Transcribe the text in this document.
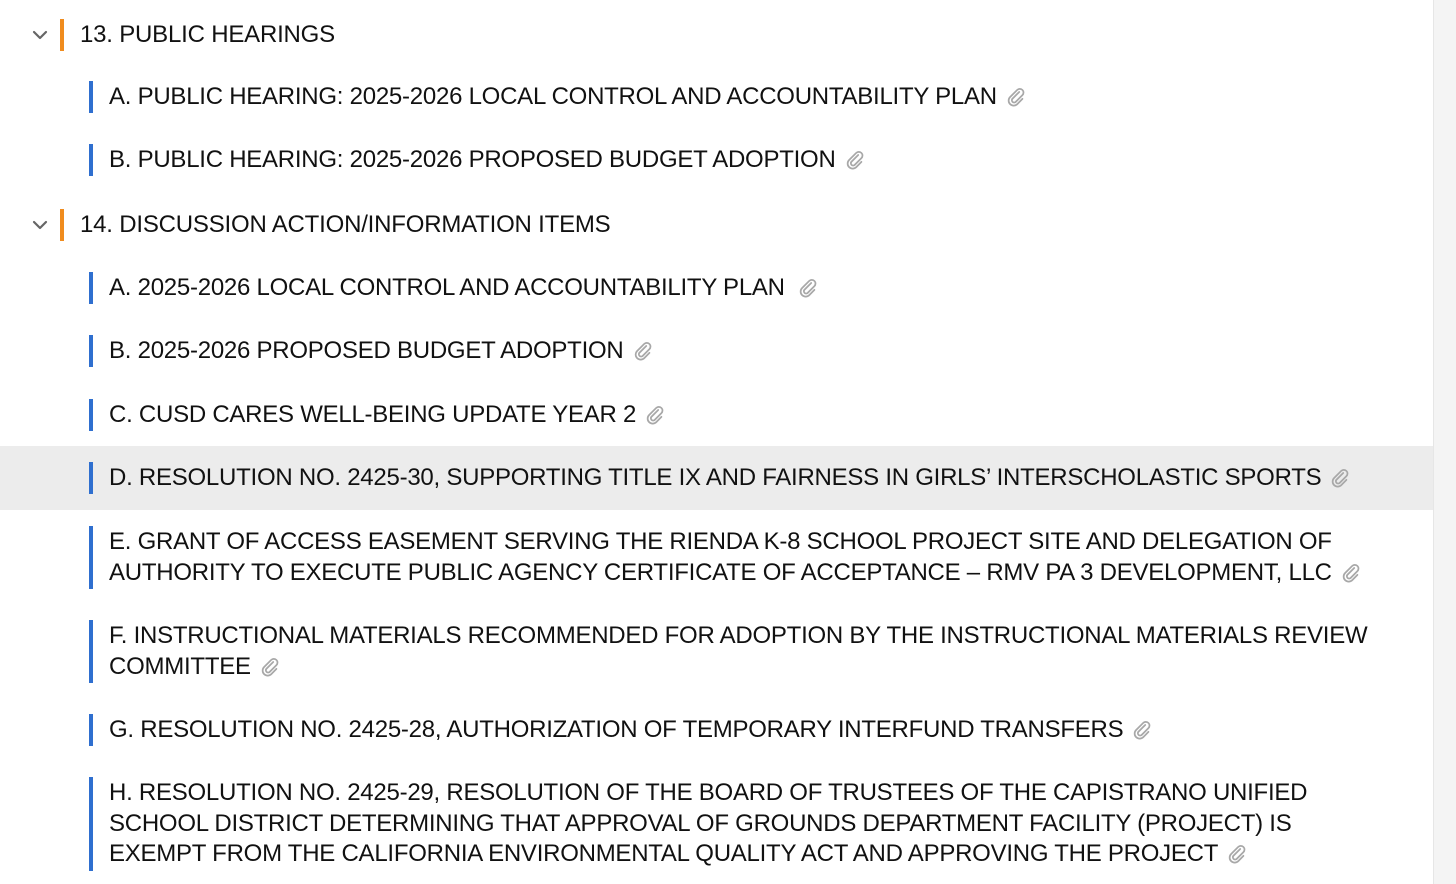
13. PUBLIC HEARINGS
A. PUBLIC HEARING: 2025-2026 LOCAL CONTROL AND ACCOUNTABILITY PLAN
B. PUBLIC HEARING: 2025-2026 PROPOSED BUDGET ADOPTION
14. DISCUSSION ACTION/INFORMATION ITEMS
A. 2025-2026 LOCAL CONTROL AND ACCOUNTABILITY PLAN
B. 2025-2026 PROPOSED BUDGET ADOPTION
C. CUSD CARES WELL-BEING UPDATE YEAR 2
D. RESOLUTION NO. 2425-30, SUPPORTING TITLE IX AND FAIRNESS IN GIRLS’ INTERSCHOLASTIC SPORTS
E. GRANT OF ACCESS EASEMENT SERVING THE RIENDA K-8 SCHOOL PROJECT SITE AND DELEGATION OF AUTHORITY TO EXECUTE PUBLIC AGENCY CERTIFICATE OF ACCEPTANCE – RMV PA 3 DEVELOPMENT, LLC
F. INSTRUCTIONAL MATERIALS RECOMMENDED FOR ADOPTION BY THE INSTRUCTIONAL MATERIALS REVIEW COMMITTEE
G. RESOLUTION NO. 2425-28, AUTHORIZATION OF TEMPORARY INTERFUND TRANSFERS
H. RESOLUTION NO. 2425-29, RESOLUTION OF THE BOARD OF TRUSTEES OF THE CAPISTRANO UNIFIED SCHOOL DISTRICT DETERMINING THAT APPROVAL OF GROUNDS DEPARTMENT FACILITY (PROJECT) IS EXEMPT FROM THE CALIFORNIA ENVIRONMENTAL QUALITY ACT AND APPROVING THE PROJECT
